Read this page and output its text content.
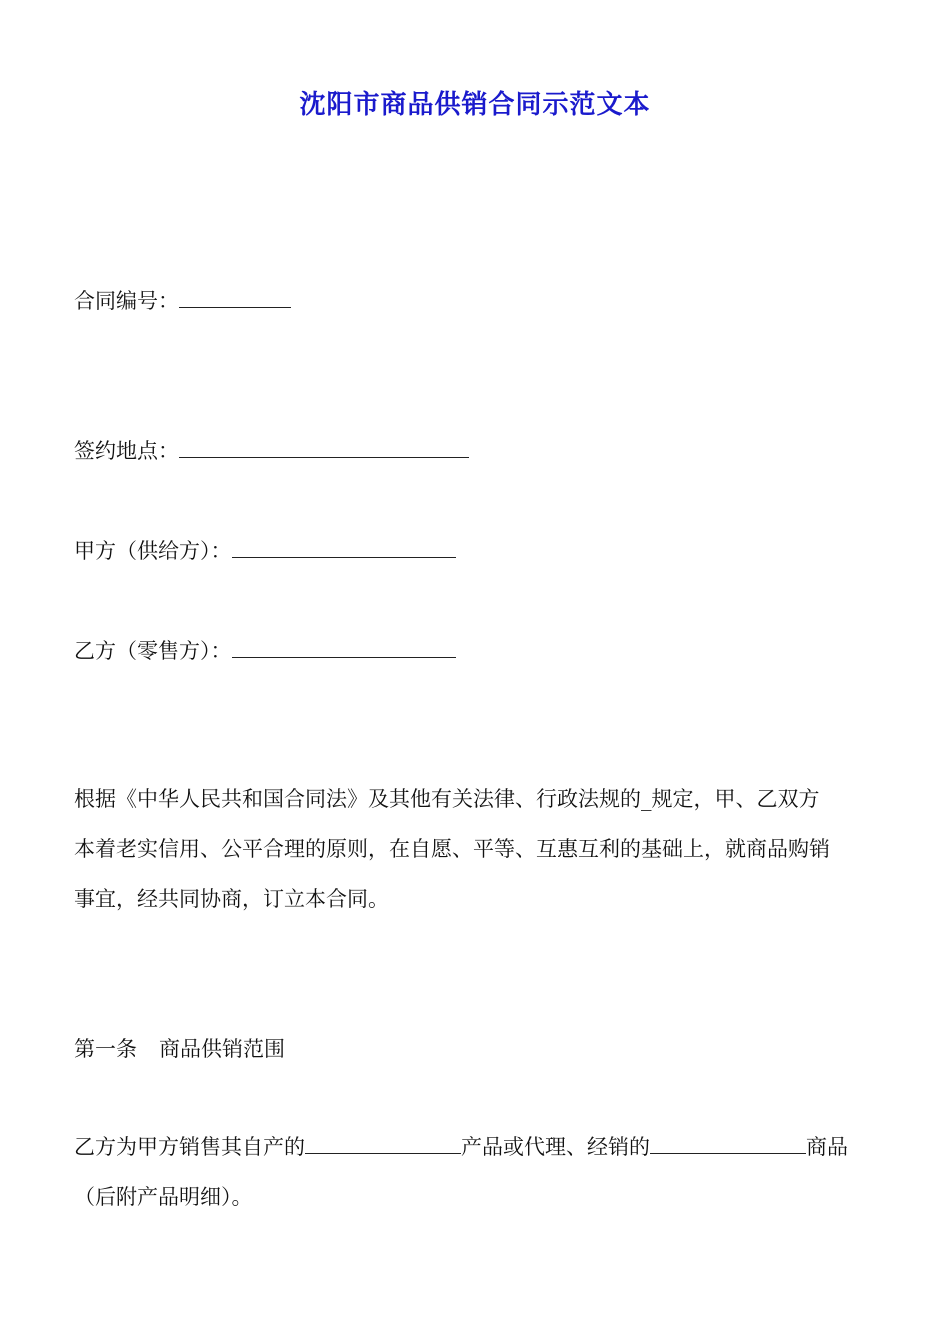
沈阳市商品供销合同示范文本
合同编号：
签约地点：
甲方（供给方）：
乙方（零售方）：

根据《中华人民共和国合同法》及其他有关法律、行政法规的_规定，甲、乙双方

本着老实信用、公平合理的原则，在自愿、平等、互惠互利的基础上，就商品购销

事宜，经共同协商，订立本合同。

第一条 商品供销范围
乙方为甲方销售其自产的	产品或代理、经销的	商品
（后附产品明细）。
